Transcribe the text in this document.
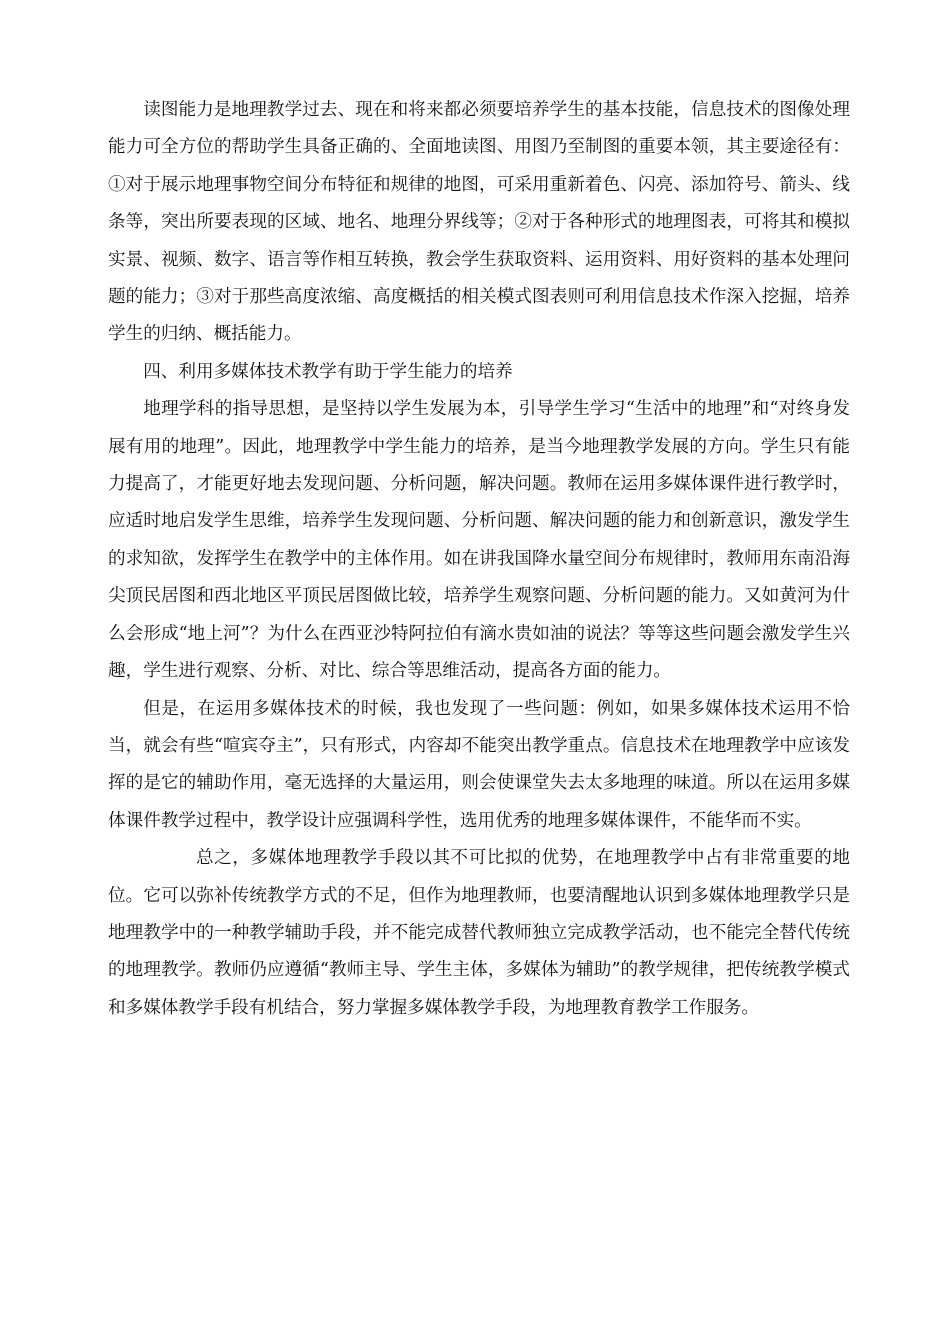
读图能力是地理教学过去、现在和将来都必须要培养学生的基本技能，信息技术的图像处理能力可全方位的帮助学生具备正确的、全面地读图、用图乃至制图的重要本领，其主要途径有：①对于展示地理事物空间分布特征和规律的地图，可采用重新着色、闪亮、添加符号、箭头、线条等，突出所要表现的区域、地名、地理分界线等；②对于各种形式的地理图表，可将其和模拟实景、视频、数字、语言等作相互转换，教会学生获取资料、运用资料、用好资料的基本处理问题的能力；③对于那些高度浓缩、高度概括的相关模式图表则可利用信息技术作深入挖掘，培养学生的归纳、概括能力。

四、利用多媒体技术教学有助于学生能力的培养

地理学科的指导思想，是坚持以学生发展为本，引导学生学习“生活中的地理”和“对终身发展有用的地理”。因此，地理教学中学生能力的培养，是当今地理教学发展的方向。学生只有能力提高了，才能更好地去发现问题、分析问题，解决问题。教师在运用多媒体课件进行教学时，应适时地启发学生思维，培养学生发现问题、分析问题、解决问题的能力和创新意识，激发学生的求知欲，发挥学生在教学中的主体作用。如在讲我国降水量空间分布规律时，教师用东南沿海尖顶民居图和西北地区平顶民居图做比较，培养学生观察问题、分析问题的能力。又如黄河为什么会形成“地上河”？为什么在西亚沙特阿拉伯有滴水贵如油的说法？等等这些问题会激发学生兴趣，学生进行观察、分析、对比、综合等思维活动，提高各方面的能力。

但是，在运用多媒体技术的时候，我也发现了一些问题：例如，如果多媒体技术运用不恰当，就会有些“喧宾夺主”，只有形式，内容却不能突出教学重点。信息技术在地理教学中应该发挥的是它的辅助作用，毫无选择的大量运用，则会使课堂失去太多地理的味道。所以在运用多媒体课件教学过程中，教学设计应强调科学性，选用优秀的地理多媒体课件，不能华而不实。

总之，多媒体地理教学手段以其不可比拟的优势，在地理教学中占有非常重要的地位。它可以弥补传统教学方式的不足，但作为地理教师，也要清醒地认识到多媒体地理教学只是地理教学中的一种教学辅助手段，并不能完成替代教师独立完成教学活动，也不能完全替代传统的地理教学。教师仍应遵循“教师主导、学生主体，多媒体为辅助”的教学规律，把传统教学模式和多媒体教学手段有机结合，努力掌握多媒体教学手段，为地理教育教学工作服务。
